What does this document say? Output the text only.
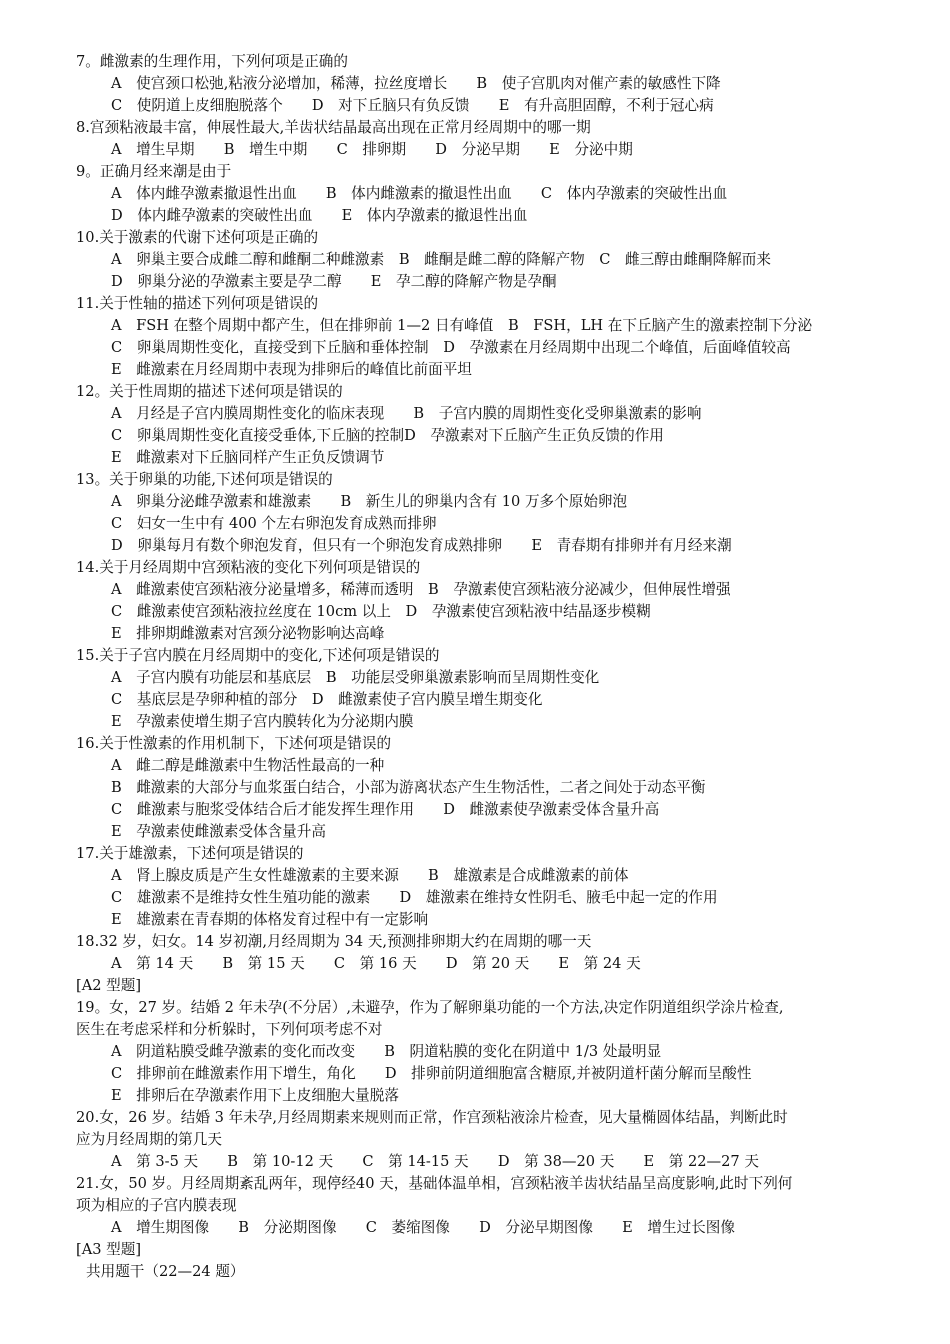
7。雌激素的生理作用，下列何项是正确的
A　使宫颈口松弛,粘液分泌增加，稀薄，拉丝度增长　　B　使子宫肌肉对催产素的敏感性下降
C　使阴道上皮细胞脱落个　　D　对下丘脑只有负反馈　　E　有升高胆固醇，不利于冠心病
8.宫颈粘液最丰富，伸展性最大,羊齿状结晶最高出现在正常月经周期中的哪一期
A　增生早期　　B　增生中期　　C　排卵期　　D　分泌早期　　E　分泌中期
9。正确月经来潮是由于
A　体内雌孕激素撤退性出血　　B　体内雌激素的撤退性出血　　C　体内孕激素的突破性出血
D　体内雌孕激素的突破性出血　　E　体内孕激素的撤退性出血
10.关于激素的代谢下述何项是正确的
A　卵巢主要合成雌二醇和雌酮二种雌激素　B　雌酮是雌二醇的降解产物　C　雌三醇由雌酮降解而来
D　卵巢分泌的孕激素主要是孕二醇　　E　孕二醇的降解产物是孕酮
11.关于性轴的描述下列何项是错误的
A　FSH 在整个周期中都产生，但在排卵前 1—2 日有峰值　B　FSH，LH 在下丘脑产生的激素控制下分泌
C　卵巢周期性变化，直接受到下丘脑和垂体控制　D　孕激素在月经周期中出现二个峰值，后面峰值较高
E　雌激素在月经周期中表现为排卵后的峰值比前面平坦
12。关于性周期的描述下述何项是错误的
A　月经是子宫内膜周期性变化的临床表现　　B　子宫内膜的周期性变化受卵巢激素的影响
C　卵巢周期性变化直接受垂体,下丘脑的控制D　孕激素对下丘脑产生正负反馈的作用
E　雌激素对下丘脑同样产生正负反馈调节
13。关于卵巢的功能,下述何项是错误的
A　卵巢分泌雌孕激素和雄激素　　B　新生儿的卵巢内含有 10 万多个原始卵泡
C　妇女一生中有 400 个左右卵泡发育成熟而排卵
D　卵巢每月有数个卵泡发育，但只有一个卵泡发育成熟排卵　　E　青春期有排卵并有月经来潮
14.关于月经周期中宫颈粘液的变化下列何项是错误的
A　雌激素使宫颈粘液分泌量增多，稀薄而透明　B　孕激素使宫颈粘液分泌减少，但伸展性增强
C　雌激素使宫颈粘液拉丝度在 10cm 以上　D　孕激素使宫颈粘液中结晶逐步模糊
E　排卵期雌激素对宫颈分泌物影响达高峰
15.关于子宫内膜在月经周期中的变化,下述何项是错误的
A　子宫内膜有功能层和基底层　B　功能层受卵巢激素影响而呈周期性变化
C　基底层是孕卵种植的部分　D　雌激素使子宫内膜呈增生期变化
E　孕激素使增生期子宫内膜转化为分泌期内膜
16.关于性激素的作用机制下，下述何项是错误的
A　雌二醇是雌激素中生物活性最高的一种
B　雌激素的大部分与血浆蛋白结合，小部为游离状态产生生物活性，二者之间处于动态平衡
C　雌激素与胞浆受体结合后才能发挥生理作用　　D　雌激素使孕激素受体含量升高
E　孕激素使雌激素受体含量升高
17.关于雄激素，下述何项是错误的
A　肾上腺皮质是产生女性雄激素的主要来源　　B　雄激素是合成雌激素的前体
C　雄激素不是维持女性生殖功能的激素　　D　雄激素在维持女性阴毛、腋毛中起一定的作用
E　雄激素在青春期的体格发育过程中有一定影响
18.32 岁，妇女。14 岁初潮,月经周期为 34 天,预测排卵期大约在周期的哪一天
A　第 14 天　　B　第 15 天　　C　第 16 天　　D　第 20 天　　E　第 24 天
[A2 型题]
19。女，27 岁。结婚 2 年未孕(不分居）,未避孕，作为了解卵巢功能的一个方法,决定作阴道组织学涂片检查,
医生在考虑采样和分析躲时，下列何项考虑不对
A　阴道粘膜受雌孕激素的变化而改变　　B　阴道粘膜的变化在阴道中 1/3 处最明显
C　排卵前在雌激素作用下增生，角化　　D　排卵前阴道细胞富含糖原,并被阴道杆菌分解而呈酸性
E　排卵后在孕激素作用下上皮细胞大量脱落
20.女，26 岁。结婚 3 年未孕,月经周期素来规则而正常，作宫颈粘液涂片检查，见大量椭圆体结晶，判断此时
应为月经周期的第几天
A　第 3-5 天　　B　第 10-12 天　　C　第 14-15 天　　D　第 38—20 天　　E　第 22—27 天
21.女，50 岁。月经周期紊乱两年，现停经40 天，基础体温单相，宫颈粘液羊齿状结晶呈高度影响,此时下列何
项为相应的子宫内膜表现
A　增生期图像　　B　分泌期图像　　C　萎缩图像　　D　分泌早期图像　　E　增生过长图像
[A3 型题]
共用题干（22—24 题）
